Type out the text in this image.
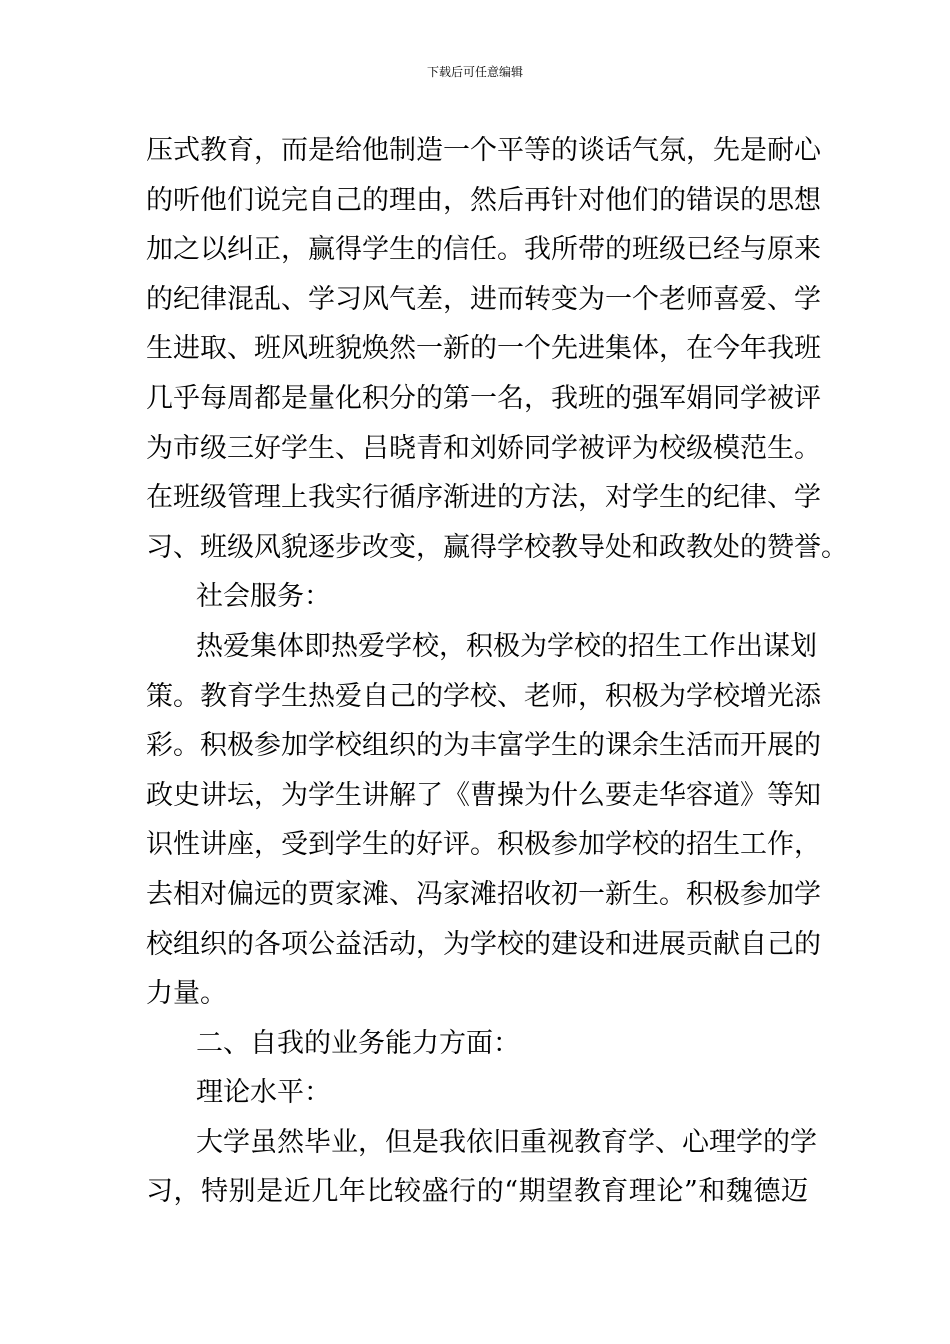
下载后可任意编辑
压式教育，而是给他制造一个平等的谈话气氛，先是耐心
的听他们说完自己的理由，然后再针对他们的错误的思想
加之以纠正，赢得学生的信任。我所带的班级已经与原来
的纪律混乱、学习风气差，进而转变为一个老师喜爱、学
生进取、班风班貌焕然一新的一个先进集体，在今年我班
几乎每周都是量化积分的第一名，我班的强军娟同学被评
为市级三好学生、吕晓青和刘娇同学被评为校级模范生。
在班级管理上我实行循序渐进的方法，对学生的纪律、学
习、班级风貌逐步改变，赢得学校教导处和政教处的赞誉。
社会服务：
热爱集体即热爱学校，积极为学校的招生工作出谋划
策。教育学生热爱自己的学校、老师，积极为学校增光添
彩。积极参加学校组织的为丰富学生的课余生活而开展的
政史讲坛，为学生讲解了《曹操为什么要走华容道》等知
识性讲座，受到学生的好评。积极参加学校的招生工作，
去相对偏远的贾家滩、冯家滩招收初一新生。积极参加学
校组织的各项公益活动，为学校的建设和进展贡献自己的
力量。
二、自我的业务能力方面：
理论水平：
大学虽然毕业，但是我依旧重视教育学、心理学的学
习，特别是近几年比较盛行的“期望教育理论”和魏德迈
